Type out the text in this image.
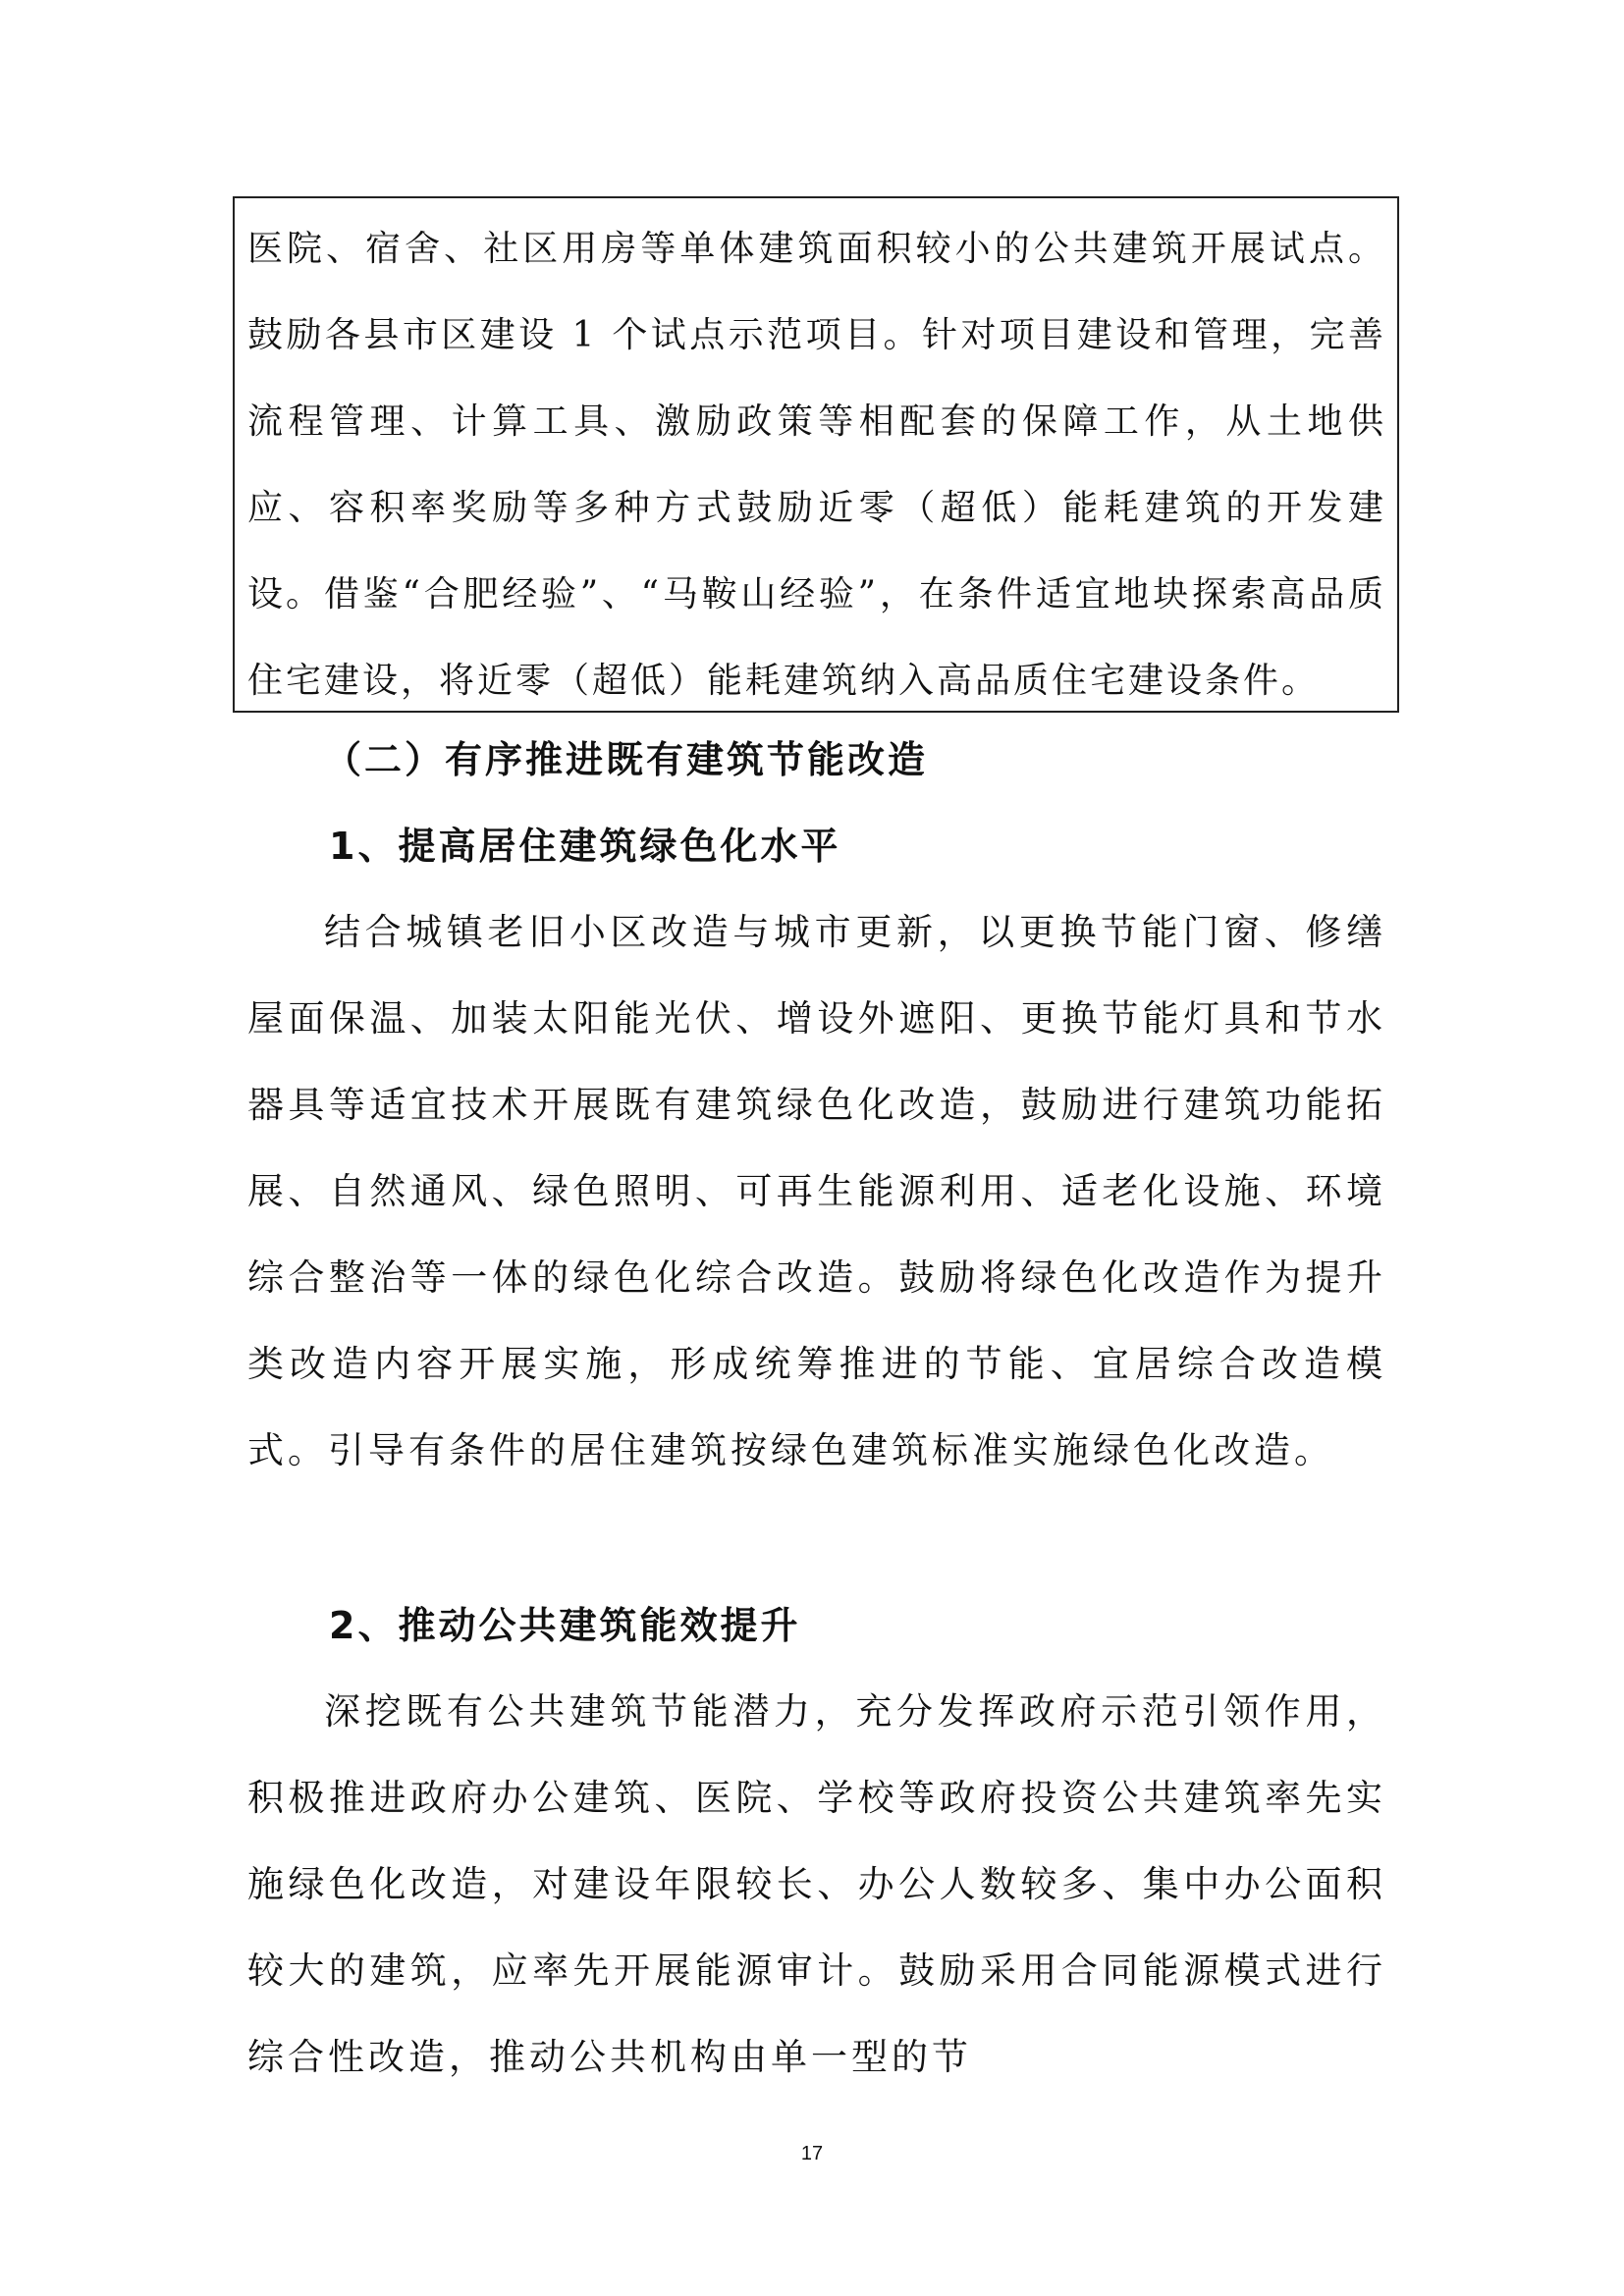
医院、宿舍、社区用房等单体建筑面积较小的公共建筑开展试点。鼓励各县市区建设 1 个试点示范项目。针对项目建设和管理，完善流程管理、计算工具、激励政策等相配套的保障工作，从土地供应、容积率奖励等多种方式鼓励近零（超低）能耗建筑的开发建设。 借鉴“合肥经验”、“马鞍山经验”，在条件适宜地块探索高品质住宅建设，将近零（超低）能耗建筑纳入高品质住宅建设条件。

（二）有序推进既有建筑节能改造
1、提高居住建筑绿色化水平

结合城镇老旧小区改造与城市更新，以更换节能门窗、修缮屋面保温、加装太阳能光伏、增设外遮阳、更换节能灯具和节水器具等适宜技术开展既有建筑绿色化改造，鼓励进行建筑功能拓展、自然通风、绿色照明、可再生能源利用、适老化设施、环境综合整治等一体的绿色化综合改造。鼓励将绿色化改造作为提升类改造内容开展实施，形成统筹推进的节能、宜居综合改造模式。引导有条件的居住建筑按绿色建筑标准实施绿色化改造。

2、推动公共建筑能效提升

深挖既有公共建筑节能潜力，充分发挥政府示范引领作用，积极推进政府办公建筑、医院、学校等政府投资公共建筑率先实施绿色化改造，对建设年限较长、办公人数较多、集中办公面积较大的建筑，应率先开展能源审计。鼓励采用合同能源模式进行综合性改造，推动公共机构由单一型的节

17
